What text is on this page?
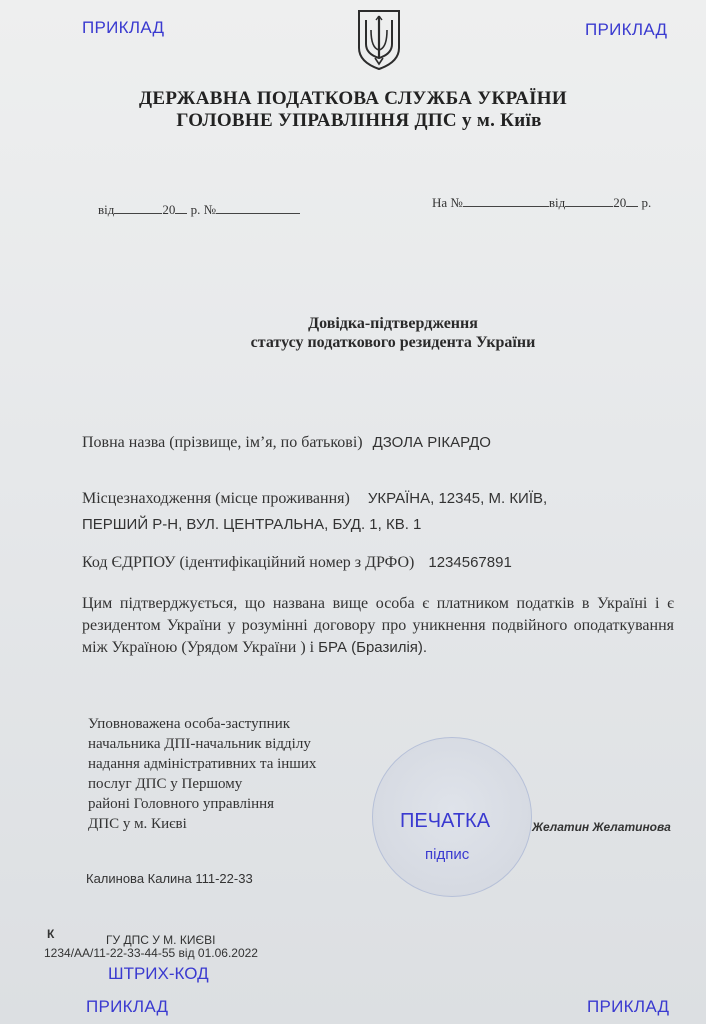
ПРИКЛАД	ПРИКЛАД
ДЕРЖАВНА ПОДАТКОВА СЛУЖБА УКРАЇНИ
ГОЛОВНЕ УПРАВЛІННЯ ДПС у м. Київ
від	20 р. №	На №	від	20 р.
Довідка-підтвердження
статусу податкового резидента України
Повна назва (прізвище, ім’я, по батькові) ДЗОЛА РІКАРДО
Місцезнаходження (місце проживання) УКРАЇНА, 12345, М. КИЇВ,
ПЕРШИЙ Р-Н, ВУЛ. ЦЕНТРАЛЬНА, БУД. 1, КВ. 1
Код ЄДРПОУ (ідентифікаційний номер з ДРФО) 1234567891
Цим підтверджується, що названа вище особа є платником податків в Україні і є резидентом України у розумінні договору про уникнення подвійного оподаткування між Україною (Урядом України ) і БРА (Бразилія).
Уповноважена особа-заступник
начальника ДПІ-начальник відділу
надання адміністративних та інших
послуг ДПС у Першому
районі Головного управління
ДПС у м. Києві	ПЕЧАТКА
підпис
Желатин Желатинова
Калинова Калина 111-22-33
К	ГУ ДПС У М. КИЄВІ
1234/АА/11-22-33-44-55 від 01.06.2022
ШТРИХ-КОД
ПРИКЛАД	ПРИКЛАД
